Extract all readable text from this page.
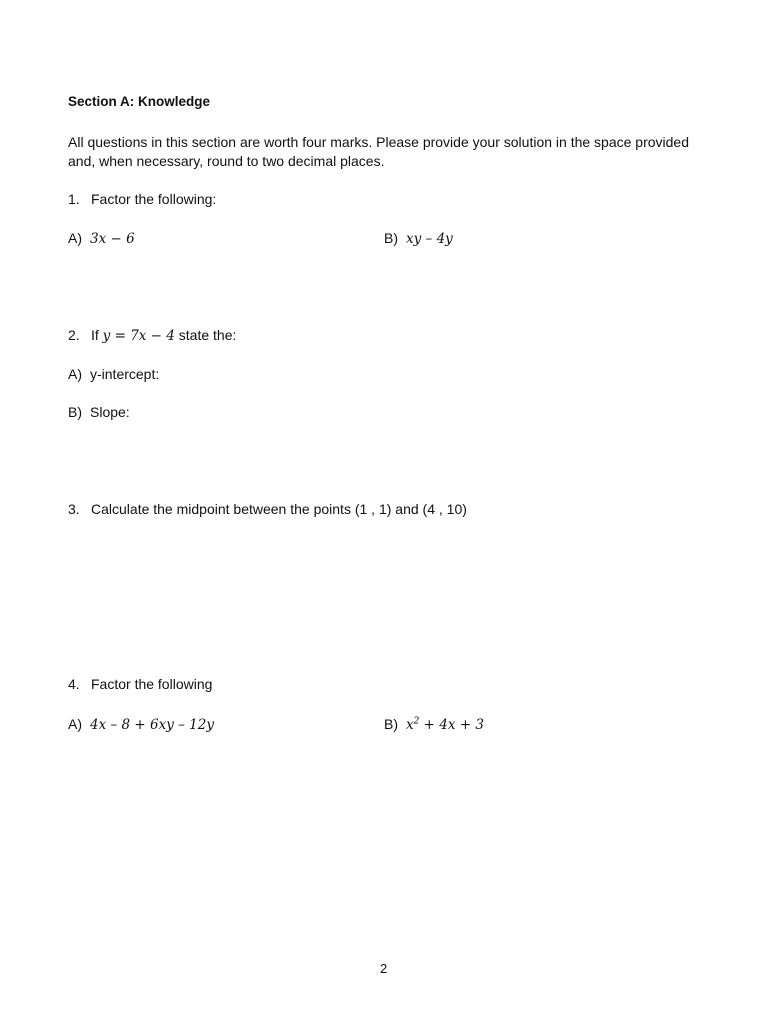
Section A: Knowledge
All questions in this section are worth four marks. Please provide your solution in the space provided and, when necessary, round to two decimal places.
1. Factor the following:
A) 3x − 6	B) xy – 4y
2. If y = 7x − 4 state the:
A) y-intercept:
B) Slope:
3. Calculate the midpoint between the points (1 , 1) and (4 , 10)
4. Factor the following
A) 4x – 8 + 6xy – 12y	B) $x^2 + 4x + 3$
2
